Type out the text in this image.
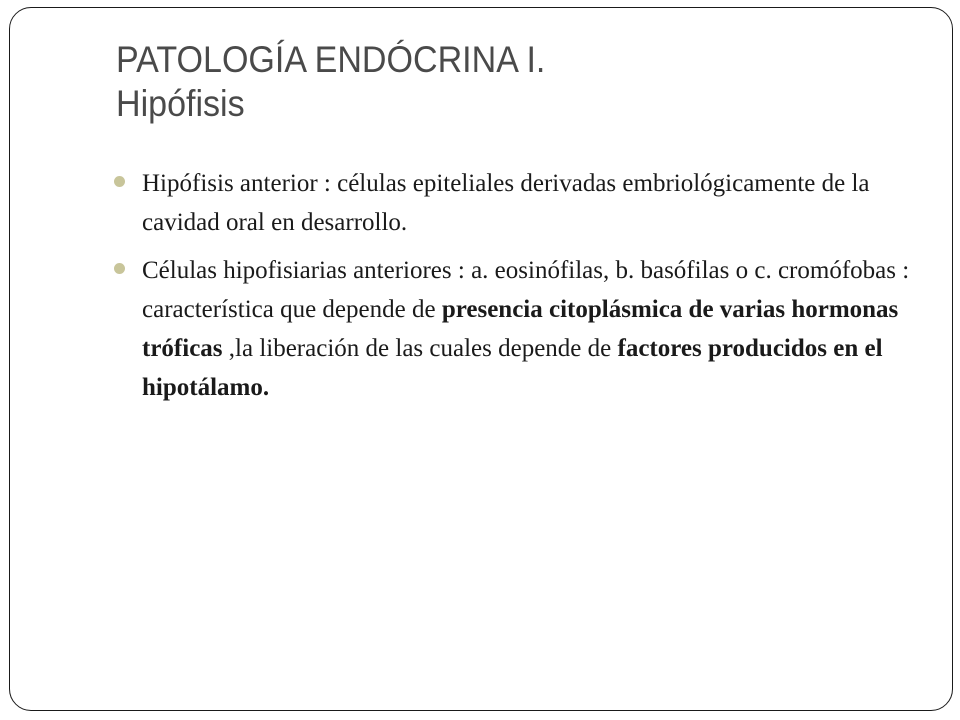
PATOLOGÍA ENDÓCRINA I.
Hipófisis
Hipófisis anterior : células epiteliales derivadas embriológicamente de la cavidad oral en desarrollo.
Células hipofisiarias anteriores : a. eosinófilas, b. basófilas o c. cromófobas : característica que depende de presencia citoplásmica de varias hormonas tróficas ,la liberación de las cuales depende de factores producidos en el hipotálamo.
